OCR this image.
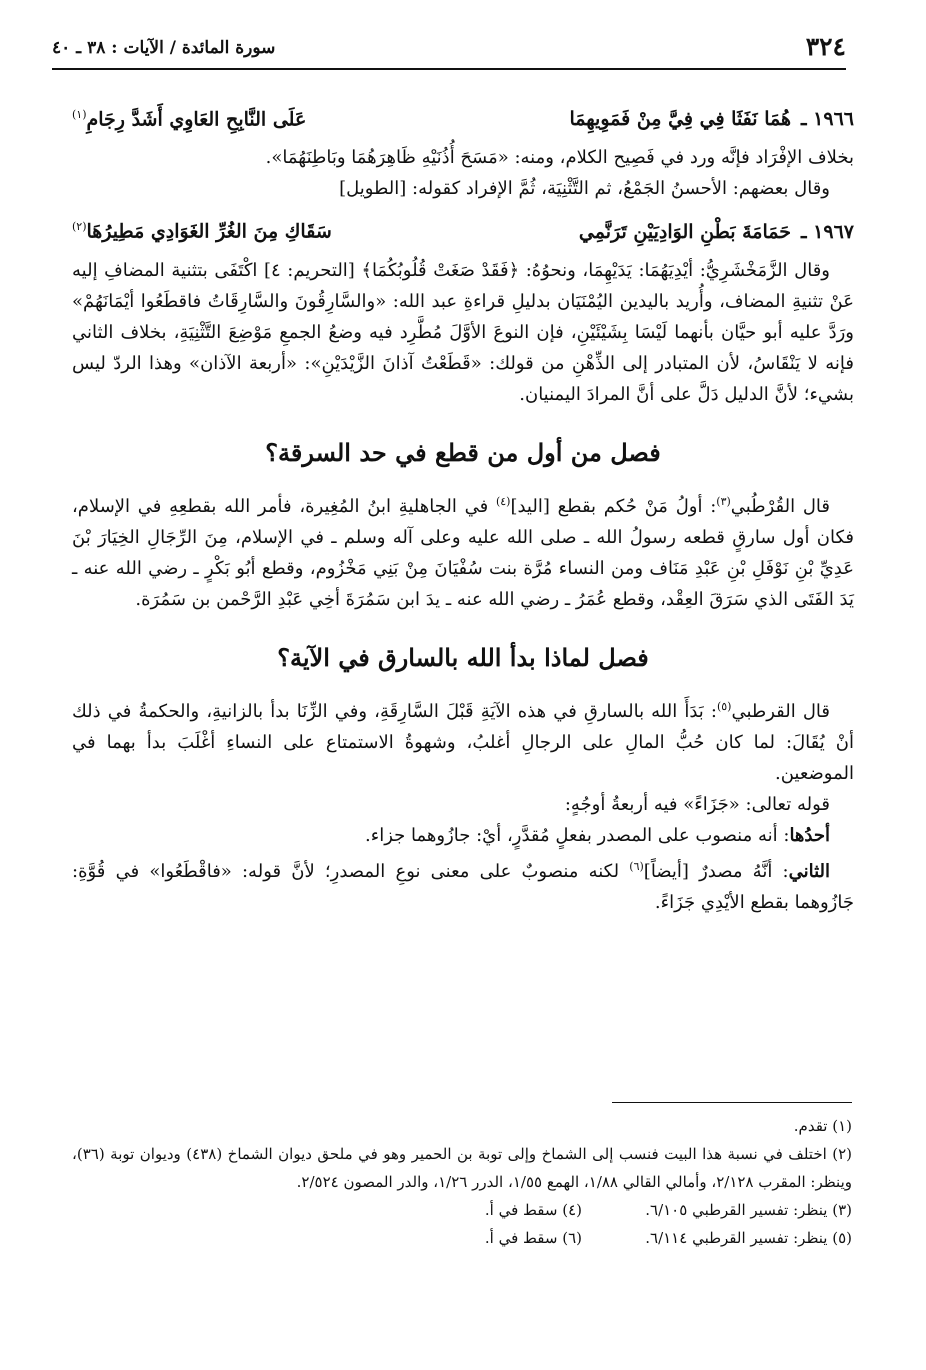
٣٢٤
سورة المائدة / الآيات : ٣٨ ـ ٤٠

١٩٦٦ ـ
هُمَا نَفَثَا فِي فِيَّ مِنْ فَمَوِيهِمَا
عَلَى النَّابِحِ العَاوِي أَشَدَّ رِجَامِ$^{(١)}$

بخلاف الإفْرَاد فإنَّه ورد في فَصِيح الكلام، ومنه: «مَسَحَ أُذُنَيْهِ ظَاهِرَهُمَا وبَاطِنَهُمَا».

وقال بعضهم: الأحسنُ الجَمْعُ، ثم التَّثْنِيَة، ثُمَّ الإفراد كقوله: [الطويل]

١٩٦٧ ـ
حَمَامَةَ بَطْنِ الوَادِيَيْنِ تَرَنَّمِي
سَقَاكِ مِنَ الغُرِّ الغَوَادِي مَطِيرُهَا$^{(٢)}$

وقال الزَّمَخْشَرِيُّ: أيْدِيَهُمَا: يَدَيْهِمَا، ونحوُهُ: ﴿فَقَدْ صَغَتْ قُلُوبُكُمَا﴾ [التحريم: ٤] اكْتَفَى بتثنية المضافِ إليه عَنْ تثنيةِ المضاف، وأُريد باليدين اليُمْنَيَان بدليلِ قراءةِ عبد الله: «والسَّارِقُونَ والسَّارِقَاتُ فاقطَعُوا أيْمَانَهُمْ» ورَدَّ عليه أبو حيَّان بأنهما لَيْسَا بِشَيْئَيْنِ، فإن النوعَ الأوَّلَ مُطَّرِد فيه وضعُ الجمعِ مَوْضِعَ التَّثْنِيَةِ، بخلاف الثاني فإنه لا يَنْقَاسُ، لأن المتبادر إلى الذِّهْنِ من قولك: «قَطَعْتُ آذانَ الزَّيْدَيْنِ»: «أربعة الآذان» وهذا الردّ ليس بشيء؛ لأنَّ الدليل دَلَّ على أنَّ المرادَ اليمنيان.

فصل من أول من قطع في حد السرقة؟

قال القُرْطُبي$^{(٣)}$: أولُ مَنْ حُكم بقطع [اليد]$^{(٤)}$ في الجاهليةِ ابنُ المُغِيرة، فأمر الله بقطعِهِ في الإسلام، فكان أول سارقٍ قطعه رسولُ الله ـ صلى الله عليه وعلى آله وسلم ـ في الإسلام، مِنَ الرِّجَالِ الخِيَارَ بْنَ عَدِيِّ بْنِ نَوْفَلِ بْنِ عَبْدِ مَنَاف ومن النساء مُرَّة بنت سُفْيَانَ مِنْ بَنِي مَخْزُوم، وقطع أبُو بَكْرٍ ـ رضي الله عنه ـ يَدَ الفَتَى الذي سَرَقَ العِقْد، وقطع عُمَرُ ـ رضي الله عنه ـ يدَ ابن سَمُرَةَ أخِي عَبْدِ الرَّحْمن بن سَمُرَة.

فصل لماذا بدأ الله بالسارق في الآية؟

قال القرطبي$^{(٥)}$: بَدَأَ الله بالسارقِ في هذه الآيَةِ قَبْلَ السَّارِقَةِ، وفي الزِّنَا بدأ بالزانيةِ، والحكمةُ في ذلك أنْ يُقَالَ: لما كان حُبُّ المالِ على الرجالِ أغلبُ، وشهوةُ الاستمتاع على النساءِ أغْلَبَ بدأ بهما في الموضعين.

قوله تعالى: «جَزَاءً» فيه أربعةُ أوجُهٍ:

أحدُها: أنه منصوب على المصدر بفعلٍ مُقدَّرٍ، أيْ: جازُوهما جزاء.

الثاني: أنَّهُ مصدرٌ [أيضاً]$^{(٦)}$ لكنه منصوبٌ على معنى نوعِ المصدرِ؛ لأنَّ قوله: «فاقْطَعُوا» في قُوَّةِ: جَازُوهما بقطع الأيْدِي جَزَاءً.

(١) تقدم.

(٢) اختلف في نسبة هذا البيت فنسب إلى الشماخ وإلى توبة بن الحمير وهو في ملحق ديوان الشماخ (٤٣٨) وديوان توبة (٣٦)، وينظر: المقرب ٢/١٢٨، وأمالي القالي ١/٨٨، الهمع ١/٥٥، الدرر ١/٢٦، والدر المصون ٢/٥٢٤.

(٣) ينظر: تفسير القرطبي ٦/١٠٥.
(٤) سقط في أ.
(٥) ينظر: تفسير القرطبي ٦/١١٤.
(٦) سقط في أ.
